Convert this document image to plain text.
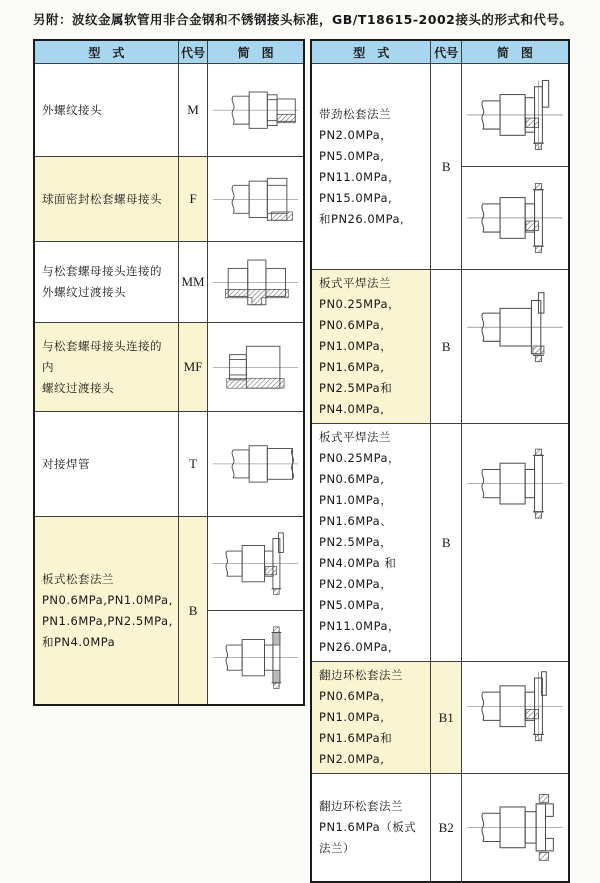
另附：波纹金属软管用非合金钢和不锈钢接头标准，GB/T18615-2002接头的形式和代号。
型　式	代号	简　图

外螺纹接头	M	

球面密封松套螺母接头	F	

与松套螺母接头连接的
外螺纹过渡接头	MM	

与松套螺母接头连接的内
螺纹过渡接头	MF	

对接焊管	T	

板式松套法兰
PN0.6MPa,PN1.0MPa,
PN1.6MPa,PN2.5MPa,
和PN4.0MPa	B	
型　式	代号	简　图

带劲松套法兰
PN2.0MPa，PN5.0MPa,
PN11.0MPa，PN15.0MPa,
和PN26.0MPa,	B	

板式平焊法兰
PN0.25MPa，PN0.6MPa,
PN1.0MPa，PN1.6MPa,
PN2.5MPa和PN4.0MPa,	B	

板式平焊法兰
PN0.25MPa，PN0.6MPa,
PN1.0MPa，PN1.6MPa、
PN2.5MPa，PN4.0MPa 和
PN2.0MPa，PN5.0MPa,
PN11.0MPa，PN26.0MPa,
	B	

翻边环松套法兰
PN0.6MPa，PN1.0MPa,
PN1.6MPa和PN2.0MPa,	B1	

翻边环松套法兰
PN1.6MPa（板式法兰）	B2	
